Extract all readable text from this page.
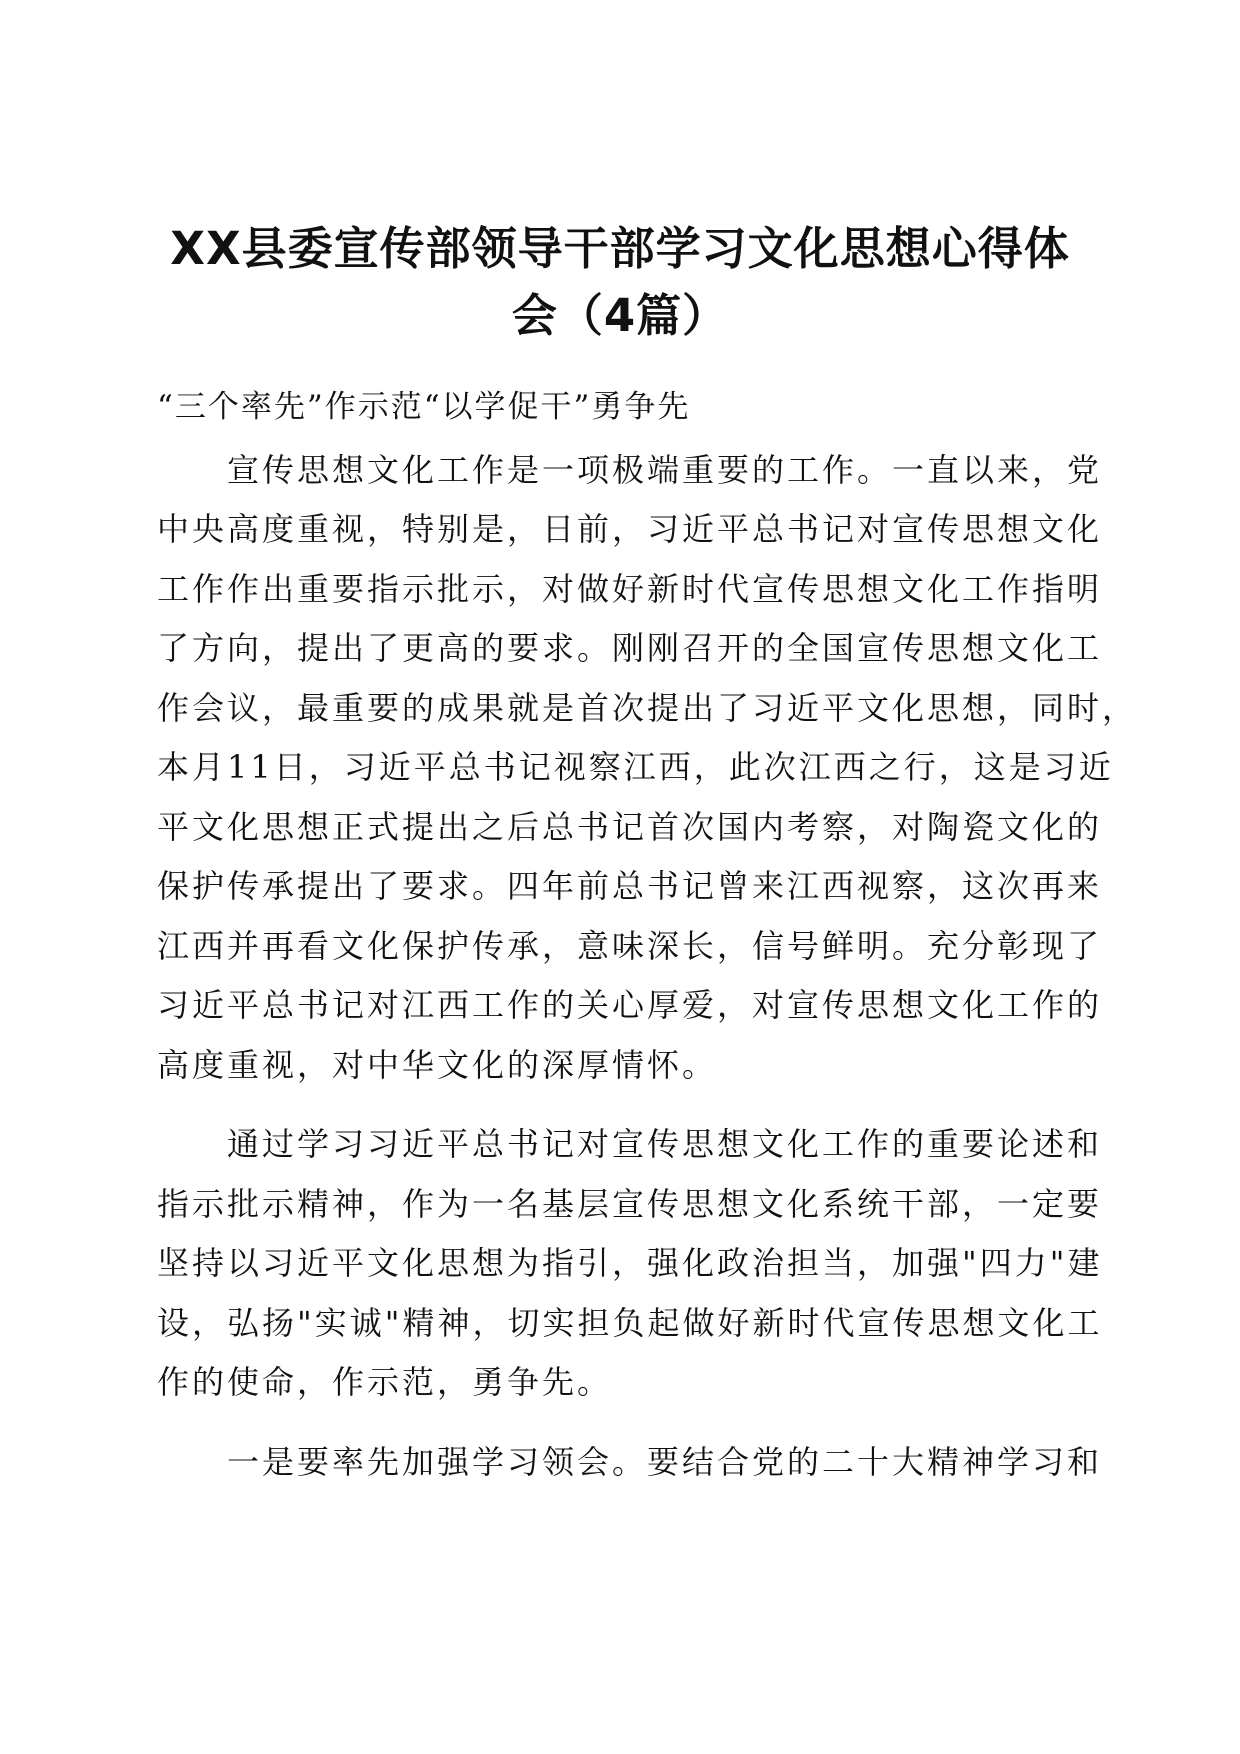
XX县委宣传部领导干部学习文化思想心得体
会（4篇）
“三个率先”作示范“以学促干”勇争先
　　宣传思想文化工作是一项极端重要的工作。一直以来，党
中央高度重视，特别是，日前，习近平总书记对宣传思想文化
工作作出重要指示批示，对做好新时代宣传思想文化工作指明
了方向，提出了更高的要求。刚刚召开的全国宣传思想文化工
作会议，最重要的成果就是首次提出了习近平文化思想，同时，
本月11日，习近平总书记视察江西，此次江西之行，这是习近
平文化思想正式提出之后总书记首次国内考察，对陶瓷文化的
保护传承提出了要求。四年前总书记曾来江西视察，这次再来
江西并再看文化保护传承，意味深长，信号鲜明。充分彰现了
习近平总书记对江西工作的关心厚爱，对宣传思想文化工作的
高度重视，对中华文化的深厚情怀。
　　通过学习习近平总书记对宣传思想文化工作的重要论述和
指示批示精神，作为一名基层宣传思想文化系统干部，一定要
坚持以习近平文化思想为指引，强化政治担当，加强"四力"建
设，弘扬"实诚"精神，切实担负起做好新时代宣传思想文化工
作的使命，作示范，勇争先。
　　一是要率先加强学习领会。要结合党的二十大精神学习和
